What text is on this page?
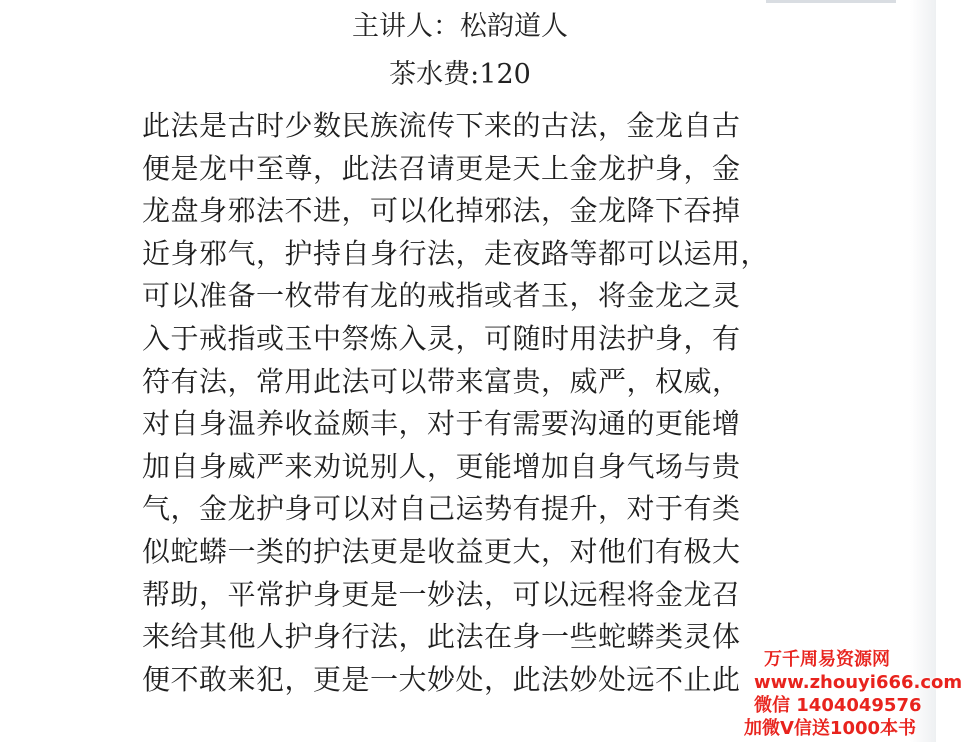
主讲人：松韵道人
茶水费:120
此法是古时少数民族流传下来的古法，金龙自古
便是龙中至尊，此法召请更是天上金龙护身，金
龙盘身邪法不进，可以化掉邪法，金龙降下吞掉
近身邪气，护持自身行法，走夜路等都可以运用，
可以准备一枚带有龙的戒指或者玉，将金龙之灵
入于戒指或玉中祭炼入灵，可随时用法护身，有
符有法，常用此法可以带来富贵，威严，权威，
对自身温养收益颇丰，对于有需要沟通的更能增
加自身威严来劝说别人，更能增加自身气场与贵
气，金龙护身可以对自己运势有提升，对于有类
似蛇蟒一类的护法更是收益更大，对他们有极大
帮助，平常护身更是一妙法，可以远程将金龙召
来给其他人护身行法，此法在身一些蛇蟒类灵体
便不敢来犯，更是一大妙处，此法妙处远不止此
万千周易资源网
www.zhouyi666.com
微信 1404049576
加微V信送1000本书
